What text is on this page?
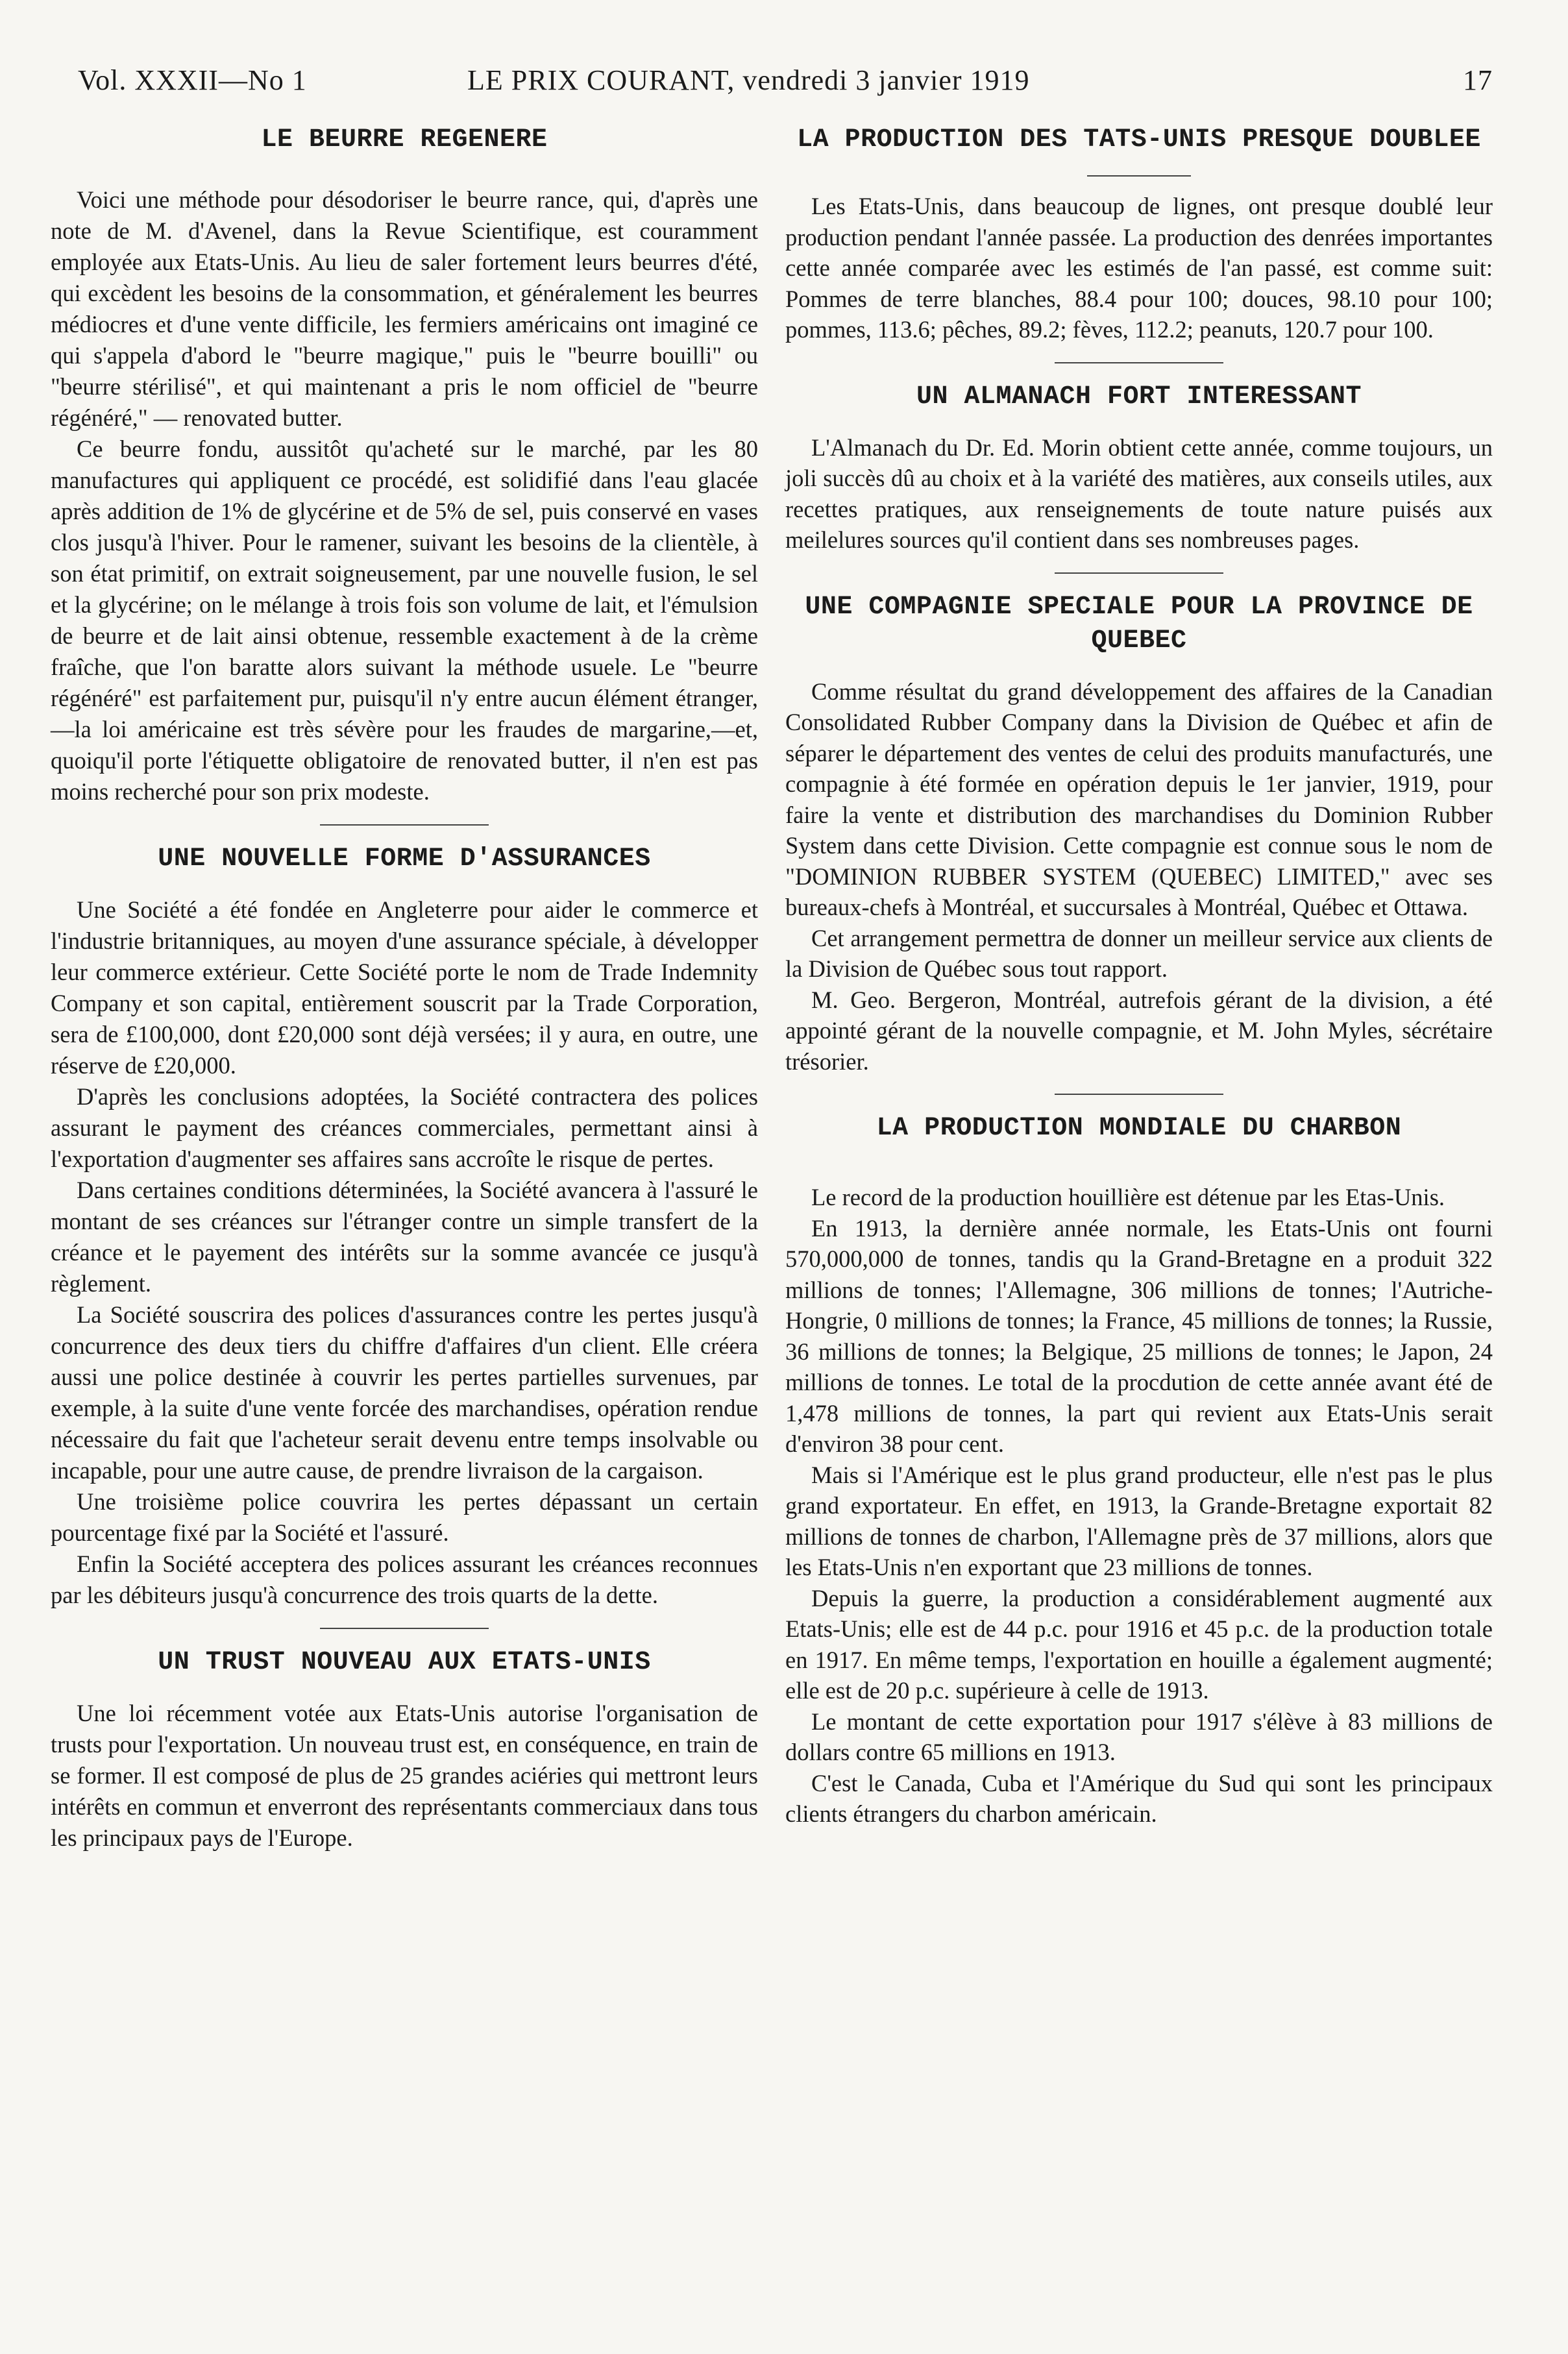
Vol. XXXII—No 1	LE PRIX COURANT, vendredi 3 janvier 1919	17
LE BEURRE REGENERE

Voici une méthode pour désodoriser le beurre rance, qui, d'après une note de M. d'Avenel, dans la Revue Scientifique, est couramment employée aux Etats-Unis. Au lieu de saler fortement leurs beurres d'été, qui excèdent les besoins de la consommation, et généralement les beurres médiocres et d'une vente difficile, les fermiers américains ont imaginé ce qui s'appela d'abord le "beurre magique," puis le "beurre bouilli" ou "beurre stérilisé", et qui maintenant a pris le nom officiel de "beurre régénéré," — renovated butter.

Ce beurre fondu, aussitôt qu'acheté sur le marché, par les 80 manufactures qui appliquent ce procédé, est solidifié dans l'eau glacée après addition de 1% de glycérine et de 5% de sel, puis conservé en vases clos jusqu'à l'hiver. Pour le ramener, suivant les besoins de la clientèle, à son état primitif, on extrait soigneusement, par une nouvelle fusion, le sel et la glycérine; on le mélange à trois fois son volume de lait, et l'émulsion de beurre et de lait ainsi obtenue, ressemble exactement à de la crème fraîche, que l'on baratte alors suivant la méthode usuele. Le "beurre régénéré" est parfaitement pur, puisqu'il n'y entre aucun élément étranger, —la loi américaine est très sévère pour les fraudes de margarine,—et, quoiqu'il porte l'étiquette obligatoire de renovated butter, il n'en est pas moins recherché pour son prix modeste.

UNE NOUVELLE FORME D'ASSURANCES

Une Société a été fondée en Angleterre pour aider le commerce et l'industrie britanniques, au moyen d'une assurance spéciale, à développer leur commerce extérieur. Cette Société porte le nom de Trade Indemnity Company et son capital, entièrement souscrit par la Trade Corporation, sera de £100,000, dont £20,000 sont déjà versées; il y aura, en outre, une réserve de £20,000.

D'après les conclusions adoptées, la Société contractera des polices assurant le payment des créances commerciales, permettant ainsi à l'exportation d'augmenter ses affaires sans accroîte le risque de pertes.

Dans certaines conditions déterminées, la Société avancera à l'assuré le montant de ses créances sur l'étranger contre un simple transfert de la créance et le payement des intérêts sur la somme avancée ce jusqu'à règlement.

La Société souscrira des polices d'assurances contre les pertes jusqu'à concurrence des deux tiers du chiffre d'affaires d'un client. Elle créera aussi une police destinée à couvrir les pertes partielles survenues, par exemple, à la suite d'une vente forcée des marchandises, opération rendue nécessaire du fait que l'acheteur serait devenu entre temps insolvable ou incapable, pour une autre cause, de prendre livraison de la cargaison.

Une troisième police couvrira les pertes dépassant un certain pourcentage fixé par la Société et l'assuré.

Enfin la Société acceptera des polices assurant les créances reconnues par les débiteurs jusqu'à concurrence des trois quarts de la dette.

UN TRUST NOUVEAU AUX ETATS-UNIS

Une loi récemment votée aux Etats-Unis autorise l'organisation de trusts pour l'exportation. Un nouveau trust est, en conséquence, en train de se former. Il est composé de plus de 25 grandes aciéries qui mettront leurs intérêts en commun et enverront des représentants commerciaux dans tous les principaux pays de l'Europe.

LA PRODUCTION DES TATS-UNIS PRESQUE DOUBLEE

Les Etats-Unis, dans beaucoup de lignes, ont presque doublé leur production pendant l'année passée. La production des denrées importantes cette année comparée avec les estimés de l'an passé, est comme suit: Pommes de terre blanches, 88.4 pour 100; douces, 98.10 pour 100; pommes, 113.6; pêches, 89.2; fèves, 112.2; peanuts, 120.7 pour 100.

UN ALMANACH FORT INTERESSANT

L'Almanach du Dr. Ed. Morin obtient cette année, comme toujours, un joli succès dû au choix et à la variété des matières, aux conseils utiles, aux recettes pratiques, aux renseignements de toute nature puisés aux meilelures sources qu'il contient dans ses nombreuses pages.

UNE COMPAGNIE SPECIALE POUR LA PROVINCE DE QUEBEC

Comme résultat du grand développement des affaires de la Canadian Consolidated Rubber Company dans la Division de Québec et afin de séparer le département des ventes de celui des produits manufacturés, une compagnie à été formée en opération depuis le 1er janvier, 1919, pour faire la vente et distribution des marchandises du Dominion Rubber System dans cette Division. Cette compagnie est connue sous le nom de "DOMINION RUBBER SYSTEM (QUEBEC) LIMITED," avec ses bureaux-chefs à Montréal, et succursales à Montréal, Québec et Ottawa.

Cet arrangement permettra de donner un meilleur service aux clients de la Division de Québec sous tout rapport.

M. Geo. Bergeron, Montréal, autrefois gérant de la division, a été appointé gérant de la nouvelle compagnie, et M. John Myles, sécrétaire trésorier.

LA PRODUCTION MONDIALE DU CHARBON

Le record de la production houillière est détenue par les Etas-Unis.

En 1913, la dernière année normale, les Etats-Unis ont fourni 570,000,000 de tonnes, tandis qu la Grand-Bretagne en a produit 322 millions de tonnes; l'Allemagne, 306 millions de tonnes; l'Autriche-Hongrie, 0 millions de tonnes; la France, 45 millions de tonnes; la Russie, 36 millions de tonnes; la Belgique, 25 millions de tonnes; le Japon, 24 millions de tonnes. Le total de la procdution de cette année avant été de 1,478 millions de tonnes, la part qui revient aux Etats-Unis serait d'environ 38 pour cent.

Mais si l'Amérique est le plus grand producteur, elle n'est pas le plus grand exportateur. En effet, en 1913, la Grande-Bretagne exportait 82 millions de tonnes de charbon, l'Allemagne près de 37 millions, alors que les Etats-Unis n'en exportant que 23 millions de tonnes.

Depuis la guerre, la production a considérablement augmenté aux Etats-Unis; elle est de 44 p.c. pour 1916 et 45 p.c. de la production totale en 1917. En même temps, l'exportation en houille a également augmenté; elle est de 20 p.c. supérieure à celle de 1913.

Le montant de cette exportation pour 1917 s'élève à 83 millions de dollars contre 65 millions en 1913.

C'est le Canada, Cuba et l'Amérique du Sud qui sont les principaux clients étrangers du charbon américain.
